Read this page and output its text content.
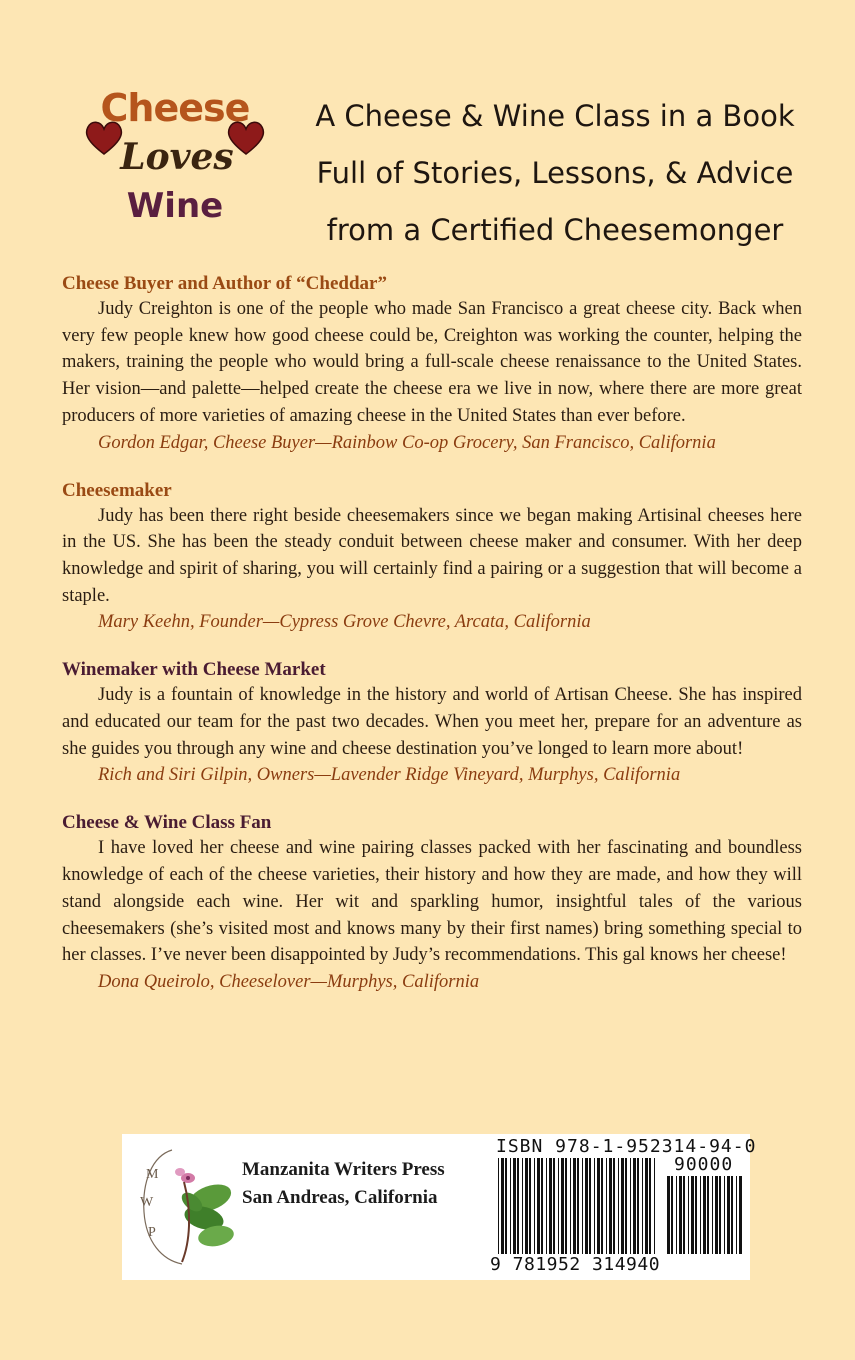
Cheese
Loves
Wine
A Cheese & Wine Class in a Book
Full of Stories, Lessons, & Advice
from a Certified Cheesemonger
Cheese Buyer and Author of “Cheddar”
Judy Creighton is one of the people who made San Francisco a great cheese city. Back when very few people knew how good cheese could be, Creighton was working the counter, helping the makers, training the people who would bring a full-scale cheese renaissance to the United States. Her vision—and palette—helped create the cheese era we live in now, where there are more great producers of more varieties of amazing cheese in the United States than ever before.
Gordon Edgar, Cheese Buyer—Rainbow Co-op Grocery, San Francisco, California
Cheesemaker
Judy has been there right beside cheesemakers since we began making Artisinal cheeses here in the US. She has been the steady conduit between cheese maker and consumer. With her deep knowledge and spirit of sharing, you will certainly find a pairing or a suggestion that will become a staple.
Mary Keehn, Founder—Cypress Grove Chevre, Arcata, California
Winemaker with Cheese Market
Judy is a fountain of knowledge in the history and world of Artisan Cheese. She has inspired and educated our team for the past two decades. When you meet her, prepare for an adventure as she guides you through any wine and cheese destination you’ve longed to learn more about!
Rich and Siri Gilpin, Owners—Lavender Ridge Vineyard, Murphys, California
Cheese & Wine Class Fan
I have loved her cheese and wine pairing classes packed with her fascinating and boundless knowledge of each of the cheese varieties, their history and how they are made, and how they will stand alongside each wine. Her wit and sparkling humor, insightful tales of the various cheesemakers (she’s visited most and knows many by their first names) bring something special to her classes. I’ve never been disappointed by Judy’s recommendations. This gal knows her cheese!
Dona Queirolo, Cheeselover—Murphys, California
M
W
P
Manzanita Writers Press
San Andreas, California
ISBN 978-1-952314-94-0
90000
9 781952 314940
